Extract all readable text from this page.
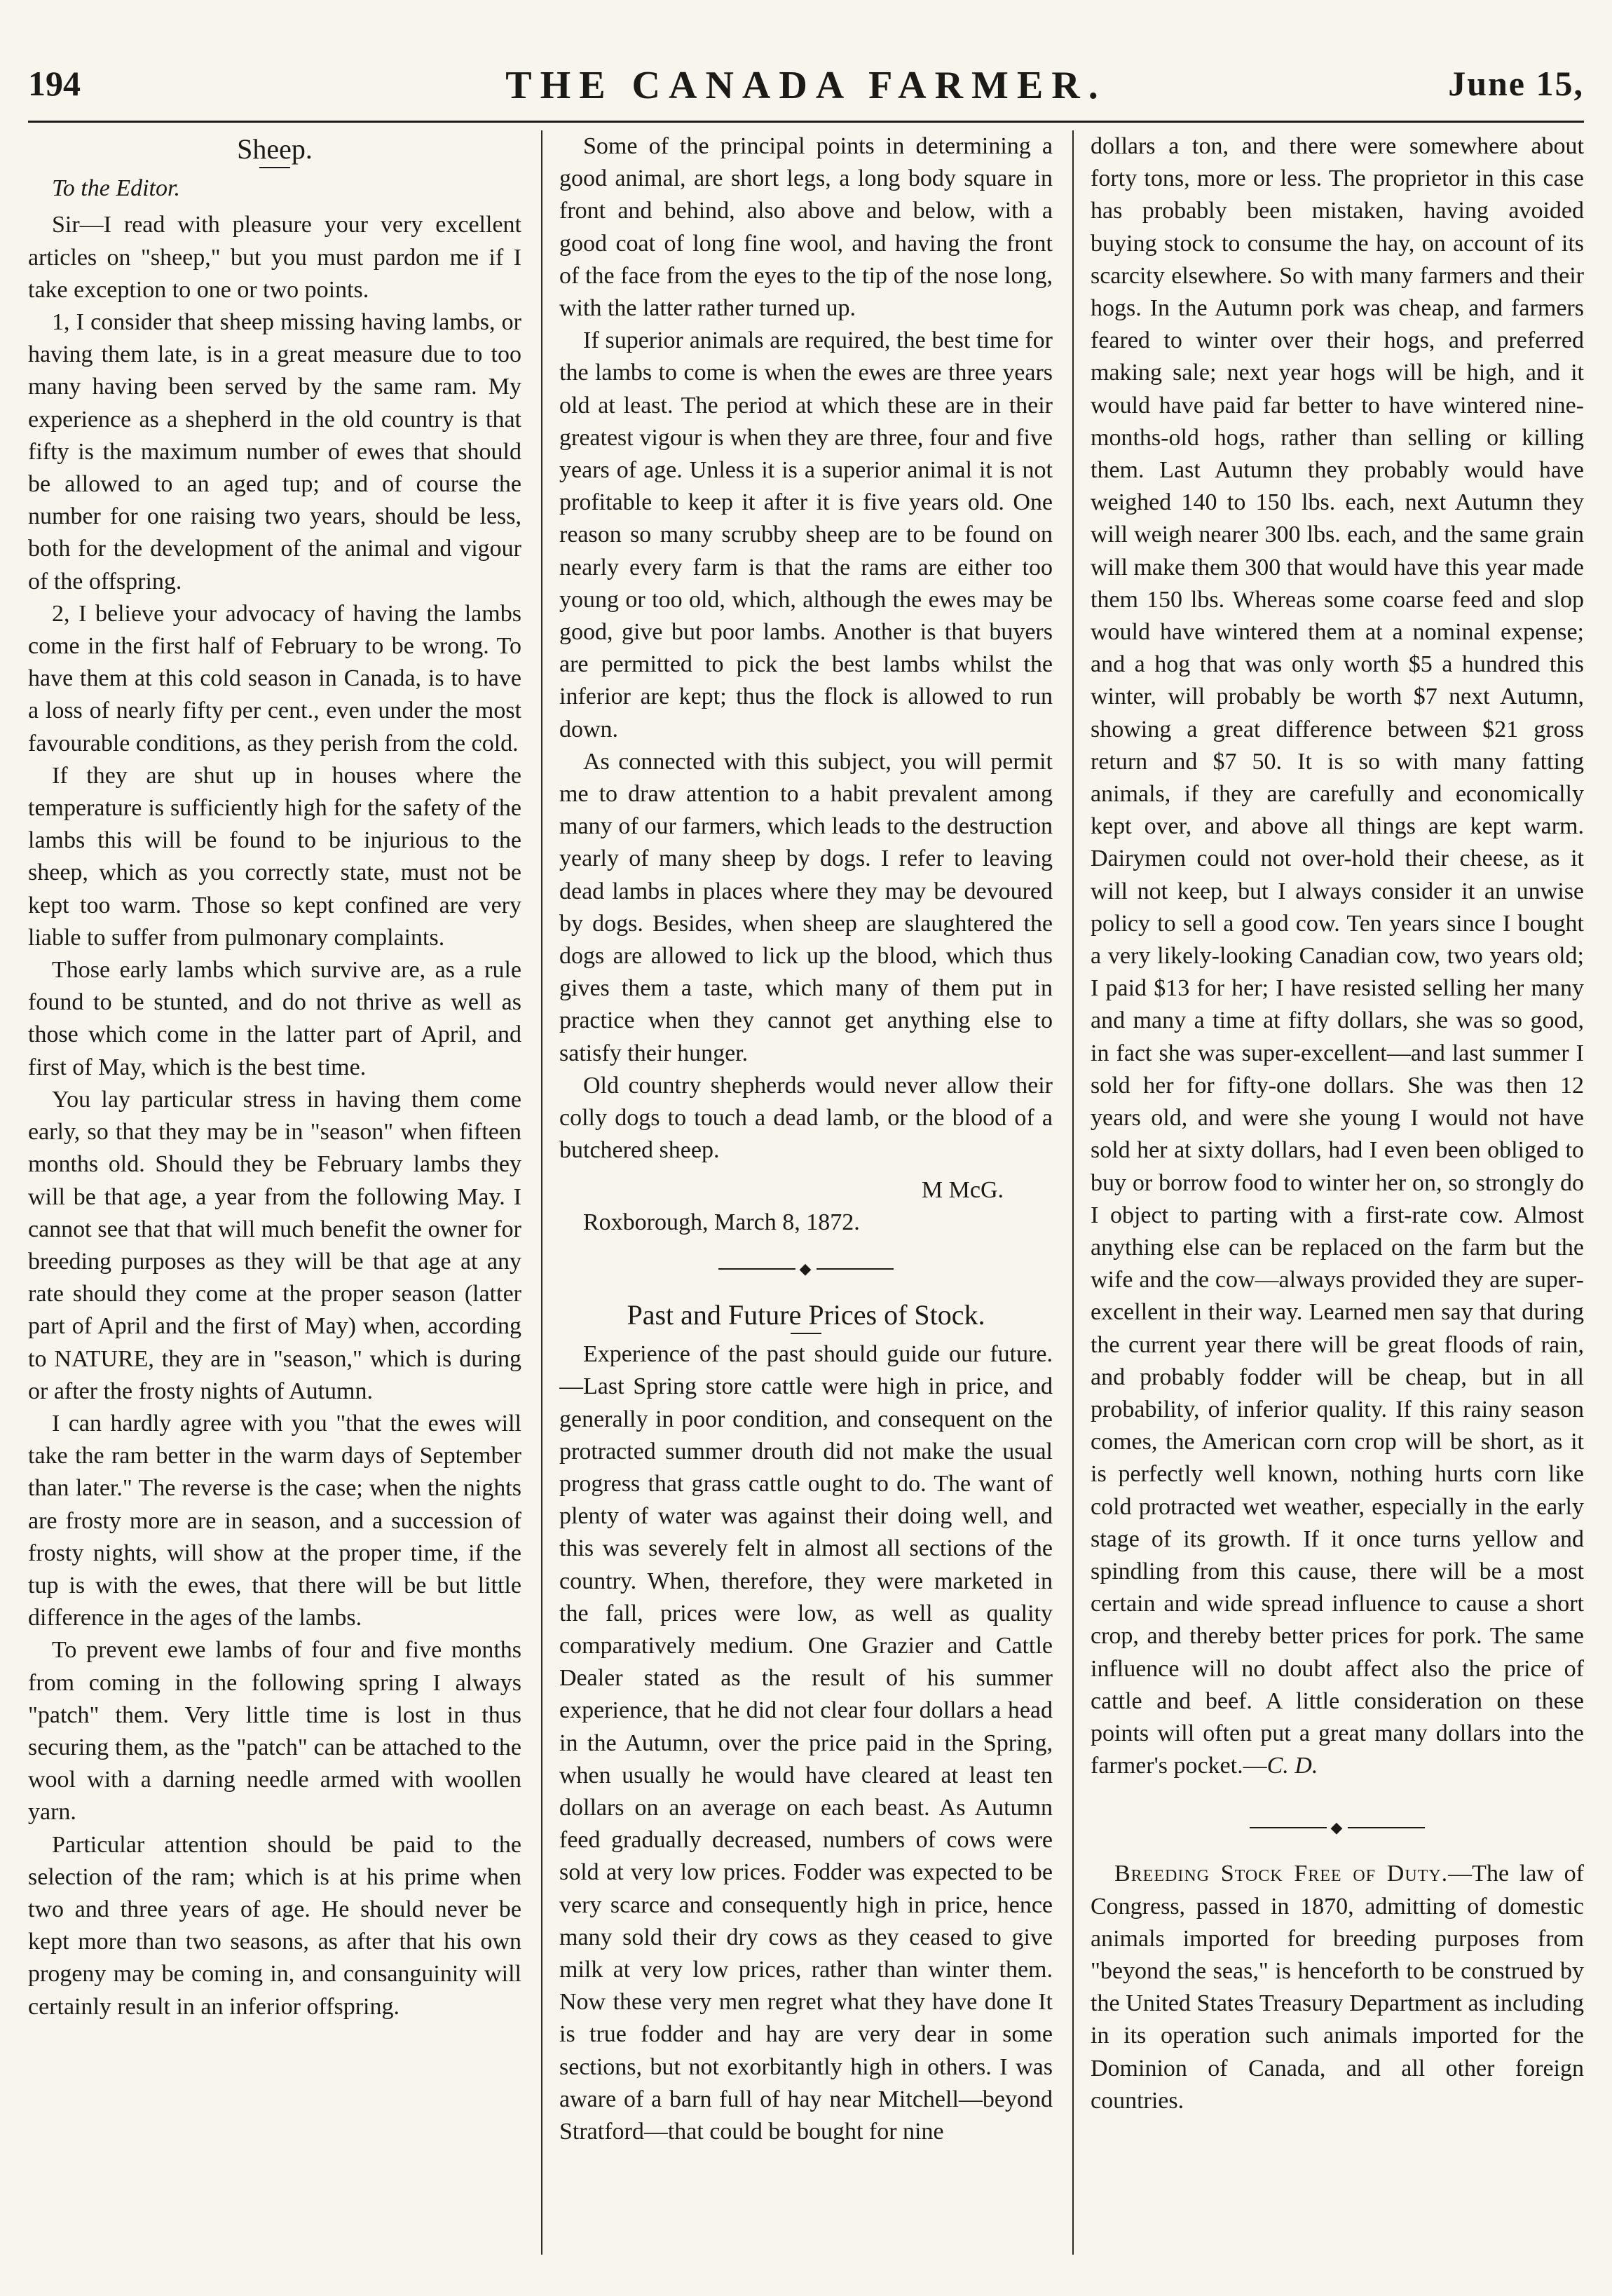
194	THE CANADA FARMER.	June 15,

Sheep.

To the Editor.

Sir—I read with pleasure your very excellent articles on "sheep," but you must pardon me if I take exception to one or two points.

1, I consider that sheep missing having lambs, or having them late, is in a great measure due to too many having been served by the same ram. My experience as a shepherd in the old country is that fifty is the maximum number of ewes that should be allowed to an aged tup; and of course the number for one raising two years, should be less, both for the development of the animal and vigour of the offspring.

2, I believe your advocacy of having the lambs come in the first half of February to be wrong. To have them at this cold season in Canada, is to have a loss of nearly fifty per cent., even under the most favourable conditions, as they perish from the cold.

If they are shut up in houses where the temperature is sufficiently high for the safety of the lambs this will be found to be injurious to the sheep, which as you correctly state, must not be kept too warm. Those so kept confined are very liable to suffer from pulmonary complaints.

Those early lambs which survive are, as a rule found to be stunted, and do not thrive as well as those which come in the latter part of April, and first of May, which is the best time.

You lay particular stress in having them come early, so that they may be in "season" when fifteen months old. Should they be February lambs they will be that age, a year from the following May. I cannot see that that will much benefit the owner for breeding purposes as they will be that age at any rate should they come at the proper season (latter part of April and the first of May) when, according to NATURE, they are in "season," which is during or after the frosty nights of Autumn.

I can hardly agree with you "that the ewes will take the ram better in the warm days of September than later." The reverse is the case; when the nights are frosty more are in season, and a succession of frosty nights, will show at the proper time, if the tup is with the ewes, that there will be but little difference in the ages of the lambs.

To prevent ewe lambs of four and five months from coming in the following spring I always "patch" them. Very little time is lost in thus securing them, as the "patch" can be attached to the wool with a darning needle armed with woollen yarn.

Particular attention should be paid to the selection of the ram; which is at his prime when two and three years of age. He should never be kept more than two seasons, as after that his own progeny may be coming in, and consanguinity will certainly result in an inferior offspring.

Some of the principal points in determining a good animal, are short legs, a long body square in front and behind, also above and below, with a good coat of long fine wool, and having the front of the face from the eyes to the tip of the nose long, with the latter rather turned up.

If superior animals are required, the best time for the lambs to come is when the ewes are three years old at least. The period at which these are in their greatest vigour is when they are three, four and five years of age. Unless it is a superior animal it is not profitable to keep it after it is five years old. One reason so many scrubby sheep are to be found on nearly every farm is that the rams are either too young or too old, which, although the ewes may be good, give but poor lambs. Another is that buyers are permitted to pick the best lambs whilst the inferior are kept; thus the flock is allowed to run down.

As connected with this subject, you will permit me to draw attention to a habit prevalent among many of our farmers, which leads to the destruction yearly of many sheep by dogs. I refer to leaving dead lambs in places where they may be devoured by dogs. Besides, when sheep are slaughtered the dogs are allowed to lick up the blood, which thus gives them a taste, which many of them put in practice when they cannot get anything else to satisfy their hunger.

Old country shepherds would never allow their colly dogs to touch a dead lamb, or the blood of a butchered sheep.

M McG.

Roxborough, March 8, 1872.

◆

Past and Future Prices of Stock.

Experience of the past should guide our future.—Last Spring store cattle were high in price, and generally in poor condition, and consequent on the protracted summer drouth did not make the usual progress that grass cattle ought to do. The want of plenty of water was against their doing well, and this was severely felt in almost all sections of the country. When, therefore, they were marketed in the fall, prices were low, as well as quality comparatively medium. One Grazier and Cattle Dealer stated as the result of his summer experience, that he did not clear four dollars a head in the Autumn, over the price paid in the Spring, when usually he would have cleared at least ten dollars on an average on each beast. As Autumn feed gradually decreased, numbers of cows were sold at very low prices. Fodder was expected to be very scarce and consequently high in price, hence many sold their dry cows as they ceased to give milk at very low prices, rather than winter them. Now these very men regret what they have done It is true fodder and hay are very dear in some sections, but not exorbitantly high in others. I was aware of a barn full of hay near Mitchell—beyond Stratford—that could be bought for nine

dollars a ton, and there were somewhere about forty tons, more or less. The proprietor in this case has probably been mistaken, having avoided buying stock to consume the hay, on account of its scarcity elsewhere. So with many farmers and their hogs. In the Autumn pork was cheap, and farmers feared to winter over their hogs, and preferred making sale; next year hogs will be high, and it would have paid far better to have wintered nine-months-old hogs, rather than selling or killing them. Last Autumn they probably would have weighed 140 to 150 lbs. each, next Autumn they will weigh nearer 300 lbs. each, and the same grain will make them 300 that would have this year made them 150 lbs. Whereas some coarse feed and slop would have wintered them at a nominal expense; and a hog that was only worth $5 a hundred this winter, will probably be worth $7 next Autumn, showing a great difference between $21 gross return and $7 50. It is so with many fatting animals, if they are carefully and economically kept over, and above all things are kept warm. Dairymen could not over-hold their cheese, as it will not keep, but I always consider it an unwise policy to sell a good cow. Ten years since I bought a very likely-looking Canadian cow, two years old; I paid $13 for her; I have resisted selling her many and many a time at fifty dollars, she was so good, in fact she was super-excellent—and last summer I sold her for fifty-one dollars. She was then 12 years old, and were she young I would not have sold her at sixty dollars, had I even been obliged to buy or borrow food to winter her on, so strongly do I object to parting with a first-rate cow. Almost anything else can be replaced on the farm but the wife and the cow—always provided they are super-excellent in their way. Learned men say that during the current year there will be great floods of rain, and probably fodder will be cheap, but in all probability, of inferior quality. If this rainy season comes, the American corn crop will be short, as it is perfectly well known, nothing hurts corn like cold protracted wet weather, especially in the early stage of its growth. If it once turns yellow and spindling from this cause, there will be a most certain and wide spread influence to cause a short crop, and thereby better prices for pork. The same influence will no doubt affect also the price of cattle and beef. A little consideration on these points will often put a great many dollars into the farmer's pocket.—C. D.

◆

Breeding Stock Free of Duty.—The law of Congress, passed in 1870, admitting of domestic animals imported for breeding purposes from "beyond the seas," is henceforth to be construed by the United States Treasury Department as including in its operation such animals imported for the Dominion of Canada, and all other foreign countries.
